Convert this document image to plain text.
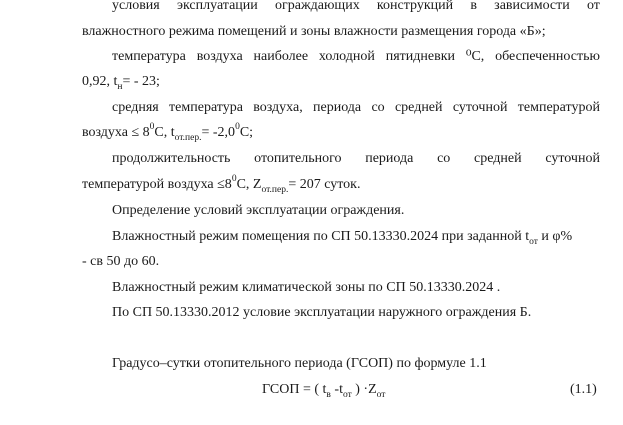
условия эксплуатации ограждающих конструкций в зависимости от
влажностного режима помещений и зоны влажности размещения города «Б»;
температура воздуха наиболее холодной пятидневки ⁰С, обеспеченностью
0,92, $t_н= - 23$;
средняя температура воздуха, периода со средней суточной температурой
воздуха ≤ $8^0С$, $t_{от.пер.}= -2,0^0С$;
продолжительность отопительного периода со средней суточной
температурой воздуха $\le 8^0С$, $Z_{от.пер.}= 207$ суток.
Определение условий эксплуатации ограждения.
Влажностный режим помещения по СП 50.13330.2024 при заданной $t_{от}$ и φ%
- св 50 до 60.
Влажностный режим климатической зоны по СП 50.13330.2024 .
По СП 50.13330.2012 условие эксплуатации наружного ограждения Б.
Градусо–сутки отопительного периода (ГСОП) по формуле 1.1
ГСОП = ( $t_в$ $-t_{от}$ ) $\cdot Z_{от}$	(1.1)
